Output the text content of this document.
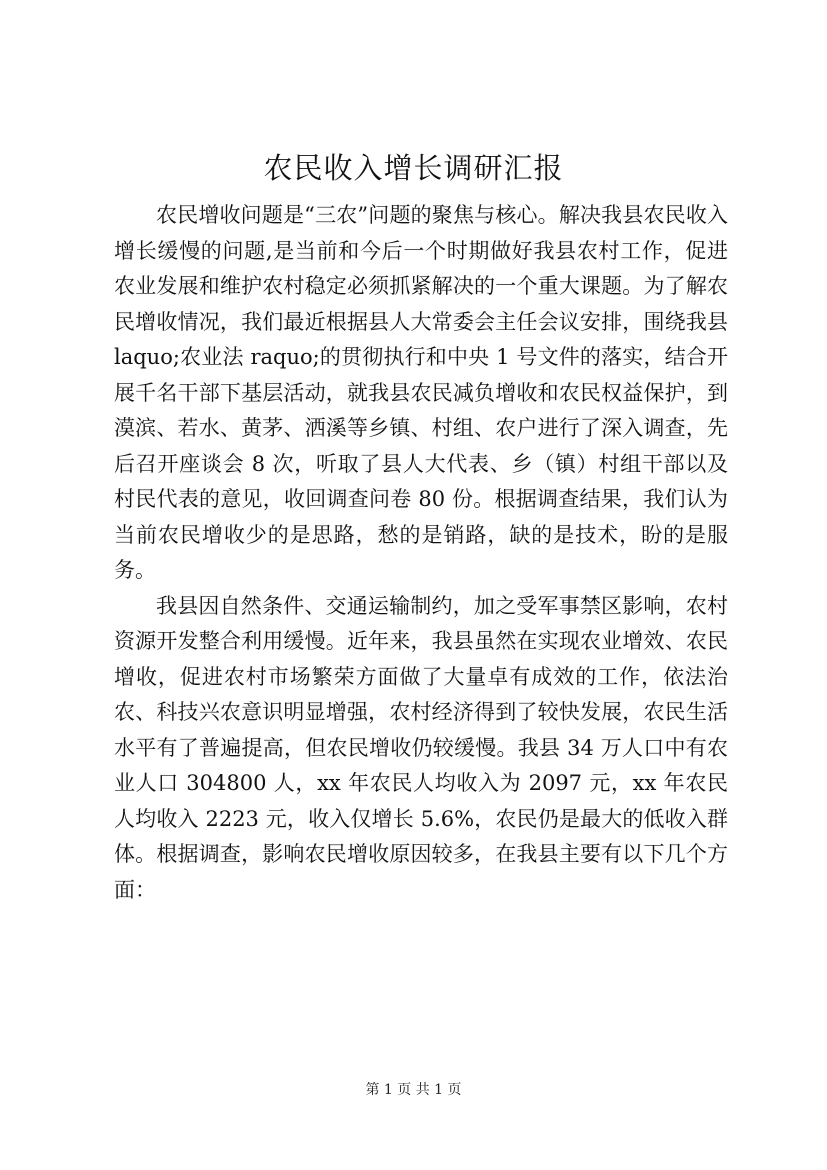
农民收入增长调研汇报

农民增收问题是“三农”问题的聚焦与核心。解决我县农民收入增长缓慢的问题,是当前和今后一个时期做好我县农村工作，促进农业发展和维护农村稳定必须抓紧解决的一个重大课题。为了解农民增收情况，我们最近根据县人大常委会主任会议安排，围绕我县 laquo;农业法 raquo;的贯彻执行和中央 1 号文件的落实，结合开展千名干部下基层活动，就我县农民减负增收和农民权益保护，到漠滨、若水、黄茅、洒溪等乡镇、村组、农户进行了深入调查，先后召开座谈会 8 次，听取了县人大代表、乡（镇）村组干部以及村民代表的意见，收回调查问卷 80 份。根据调查结果，我们认为当前农民增收少的是思路，愁的是销路，缺的是技术，盼的是服务。

我县因自然条件、交通运输制约，加之受军事禁区影响，农村资源开发整合利用缓慢。近年来，我县虽然在实现农业增效、农民增收，促进农村市场繁荣方面做了大量卓有成效的工作，依法治农、科技兴农意识明显增强，农村经济得到了较快发展，农民生活水平有了普遍提高，但农民增收仍较缓慢。我县 34 万人口中有农业人口 304800 人，xx 年农民人均收入为 2097 元，xx 年农民人均收入 2223 元，收入仅增长 5.6%，农民仍是最大的低收入群体。根据调查，影响农民增收原因较多，在我县主要有以下几个方面：

第 1 页 共 1 页
